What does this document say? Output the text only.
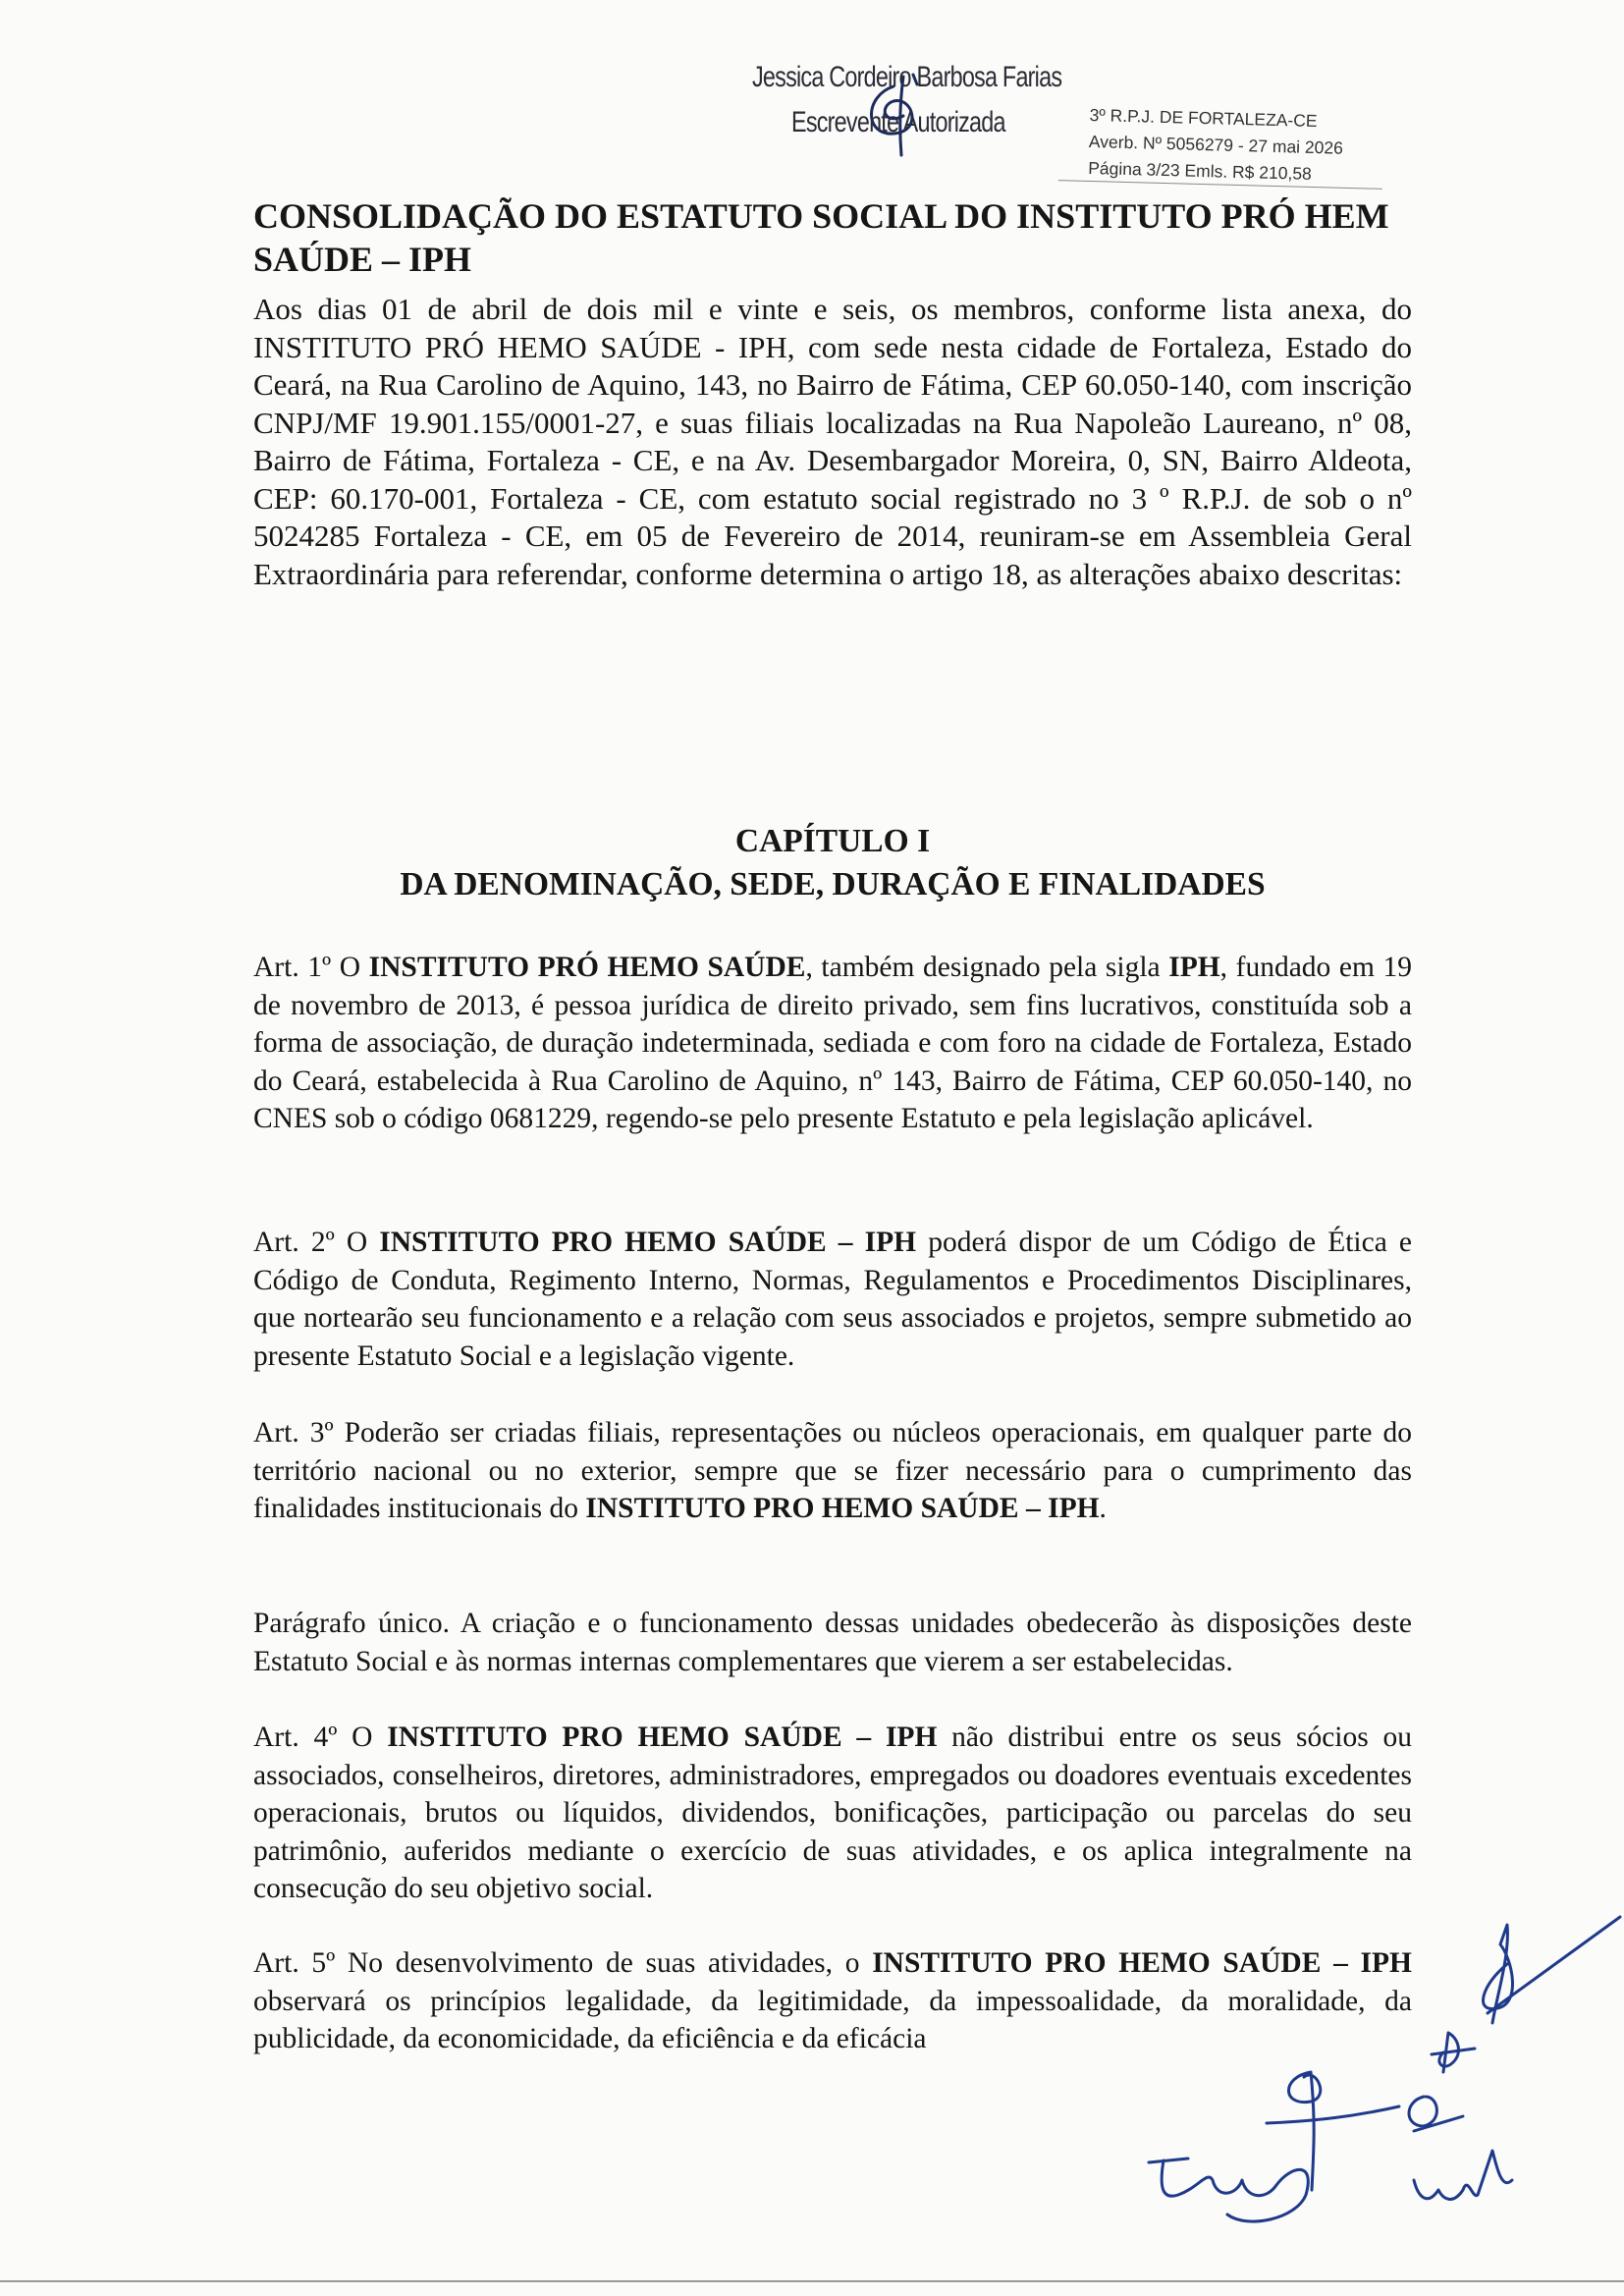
Jessica Cordeiro Barbosa Farias
Escrevente Autorizada	3º R.P.J. DE FORTALEZA-CE
Averb. Nº 5056279 - 27 mai 2026
Página 3/23 Emls. R$ 210,58
CONSOLIDAÇÃO DO ESTATUTO SOCIAL DO INSTITUTO PRÓ HEM SAÚDE – IPH

Aos dias 01 de abril de dois mil e vinte e seis, os membros, conforme lista anexa, do INSTITUTO PRÓ HEMO SAÚDE - IPH, com sede nesta cidade de Fortaleza, Estado do Ceará, na Rua Carolino de Aquino, 143, no Bairro de Fátima, CEP 60.050-140, com inscrição CNPJ/MF 19.901.155/0001-27, e suas filiais localizadas na Rua Napoleão Laureano, nº 08, Bairro de Fátima, Fortaleza - CE, e na Av. Desembargador Moreira, 0, SN, Bairro Aldeota, CEP: 60.170-001, Fortaleza - CE, com estatuto social registrado no 3 º R.P.J. de sob o nº 5024285 Fortaleza - CE, em 05 de Fevereiro de 2014, reuniram-se em Assembleia Geral Extraordinária para referendar, conforme determina o artigo 18, as alterações abaixo descritas:

CAPÍTULO I
DA DENOMINAÇÃO, SEDE, DURAÇÃO E FINALIDADES

Art. 1º O INSTITUTO PRÓ HEMO SAÚDE, também designado pela sigla IPH, fundado em 19 de novembro de 2013, é pessoa jurídica de direito privado, sem fins lucrativos, constituída sob a forma de associação, de duração indeterminada, sediada e com foro na cidade de Fortaleza, Estado do Ceará, estabelecida à Rua Carolino de Aquino, nº 143, Bairro de Fátima, CEP 60.050-140, no CNES sob o código 0681229, regendo-se pelo presente Estatuto e pela legislação aplicável.

Art. 2º O INSTITUTO PRO HEMO SAÚDE – IPH poderá dispor de um Código de Ética e Código de Conduta, Regimento Interno, Normas, Regulamentos e Procedimentos Disciplinares, que nortearão seu funcionamento e a relação com seus associados e projetos, sempre submetido ao presente Estatuto Social e a legislação vigente.

Art. 3º Poderão ser criadas filiais, representações ou núcleos operacionais, em qualquer parte do território nacional ou no exterior, sempre que se fizer necessário para o cumprimento das finalidades institucionais do INSTITUTO PRO HEMO SAÚDE – IPH.

Parágrafo único. A criação e o funcionamento dessas unidades obedecerão às disposições deste Estatuto Social e às normas internas complementares que vierem a ser estabelecidas.

Art. 4º O INSTITUTO PRO HEMO SAÚDE – IPH não distribui entre os seus sócios ou associados, conselheiros, diretores, administradores, empregados ou doadores eventuais excedentes operacionais, brutos ou líquidos, dividendos, bonificações, participação ou parcelas do seu patrimônio, auferidos mediante o exercício de suas atividades, e os aplica integralmente na consecução do seu objetivo social.

Art. 5º No desenvolvimento de suas atividades, o INSTITUTO PRO HEMO SAÚDE – IPH observará os princípios legalidade, da legitimidade, da impessoalidade, da moralidade, da publicidade, da economicidade, da eficiência e da eficácia
